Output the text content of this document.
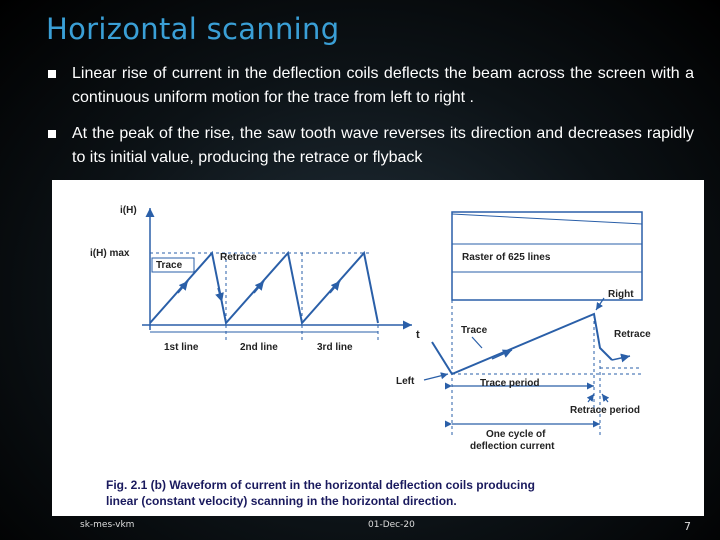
Horizontal scanning
Linear rise of current in the deflection coils deflects the beam across the screen with a continuous uniform motion for the trace from left to right .
At the peak of the rise, the saw tooth wave reverses its direction and decreases rapidly to its initial value, producing the retrace or flyback
i(H)
i(H) max
t
Trace
Retrace
1st line	2nd line	3rd line
Raster of 625 lines
Right
Trace	Retrace
Left	Trace period
Retrace period
One cycle of
deflection current
Fig. 2.1 (b) Waveform of current in the horizontal deflection coils producing
linear (constant velocity) scanning in the horizontal direction.
sk-mes-vkm	01-Dec-20	7
